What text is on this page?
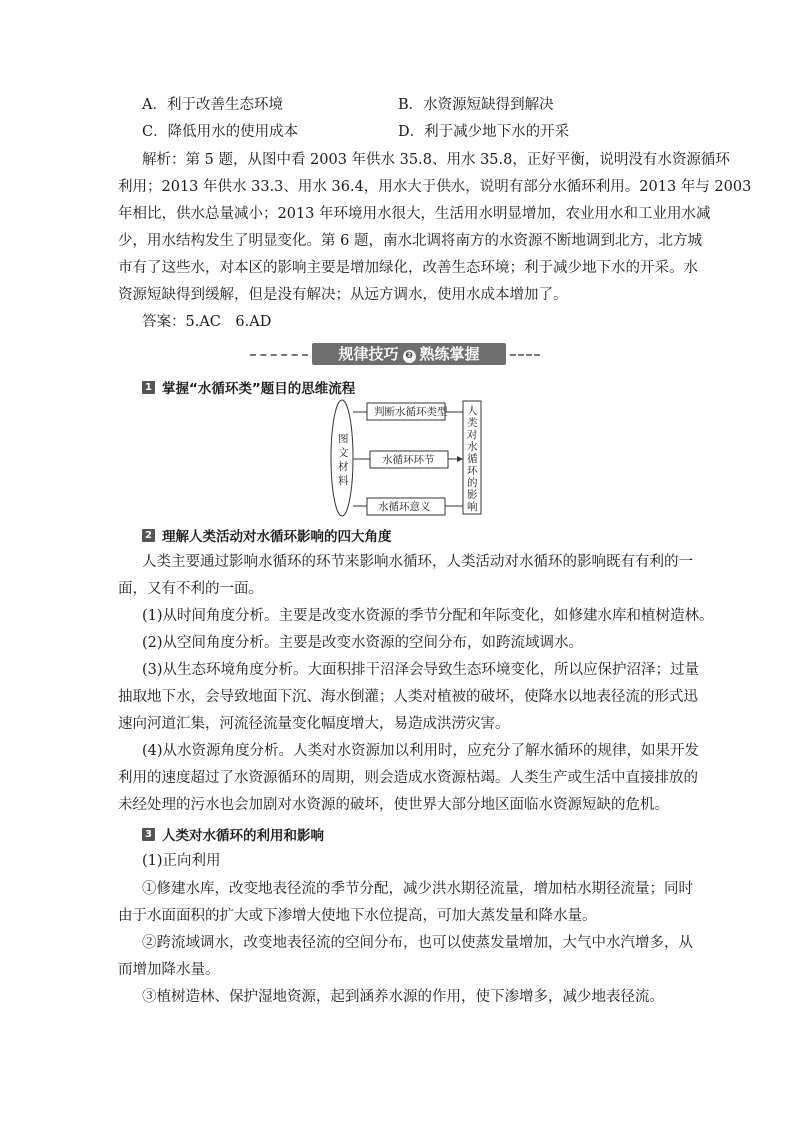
A．利于改善生态环境	B．水资源短缺得到解决
C．降低用水的使用成本	D．利于减少地下水的开采
解析：第 5 题，从图中看 2003 年供水 35.8、用水 35.8，正好平衡，说明没有水资源循环
利用；2013 年供水 33.3、用水 36.4，用水大于供水，说明有部分水循环利用。2013 年与 2003
年相比，供水总量减小；2013 年环境用水很大，生活用水明显增加，农业用水和工业用水减
少，用水结构发生了明显变化。第 6 题，南水北调将南方的水资源不断地调到北方，北方城
市有了这些水，对本区的影响主要是增加绿化，改善生态环境；利于减少地下水的开采。水
资源短缺得到缓解，但是没有解决；从远方调水，使用水成本增加了。
答案：5.AC　6.AD
规律技巧 ❷ 熟练掌握
1 掌握“水循环类”题目的思维流程
图
文
材
料
判断水循环类型
水循环环节
水循环意义
人
类
对
水
循
环
的
影
响
2 理解人类活动对水循环影响的四大角度
人类主要通过影响水循环的环节来影响水循环，人类活动对水循环的影响既有有利的一
面，又有不利的一面。
(1)从时间角度分析。主要是改变水资源的季节分配和年际变化，如修建水库和植树造林。
(2)从空间角度分析。主要是改变水资源的空间分布，如跨流域调水。
(3)从生态环境角度分析。大面积排干沼泽会导致生态环境变化，所以应保护沼泽；过量
抽取地下水，会导致地面下沉、海水倒灌；人类对植被的破坏，使降水以地表径流的形式迅
速向河道汇集，河流径流量变化幅度增大，易造成洪涝灾害。
(4)从水资源角度分析。人类对水资源加以利用时，应充分了解水循环的规律，如果开发
利用的速度超过了水资源循环的周期，则会造成水资源枯竭。人类生产或生活中直接排放的
未经处理的污水也会加剧对水资源的破坏，使世界大部分地区面临水资源短缺的危机。
3 人类对水循环的利用和影响
(1)正向利用
①修建水库，改变地表径流的季节分配，减少洪水期径流量，增加枯水期径流量；同时
由于水面面积的扩大或下渗增大使地下水位提高，可加大蒸发量和降水量。
②跨流域调水，改变地表径流的空间分布，也可以使蒸发量增加，大气中水汽增多，从
而增加降水量。
③植树造林、保护湿地资源，起到涵养水源的作用，使下渗增多，减少地表径流。
